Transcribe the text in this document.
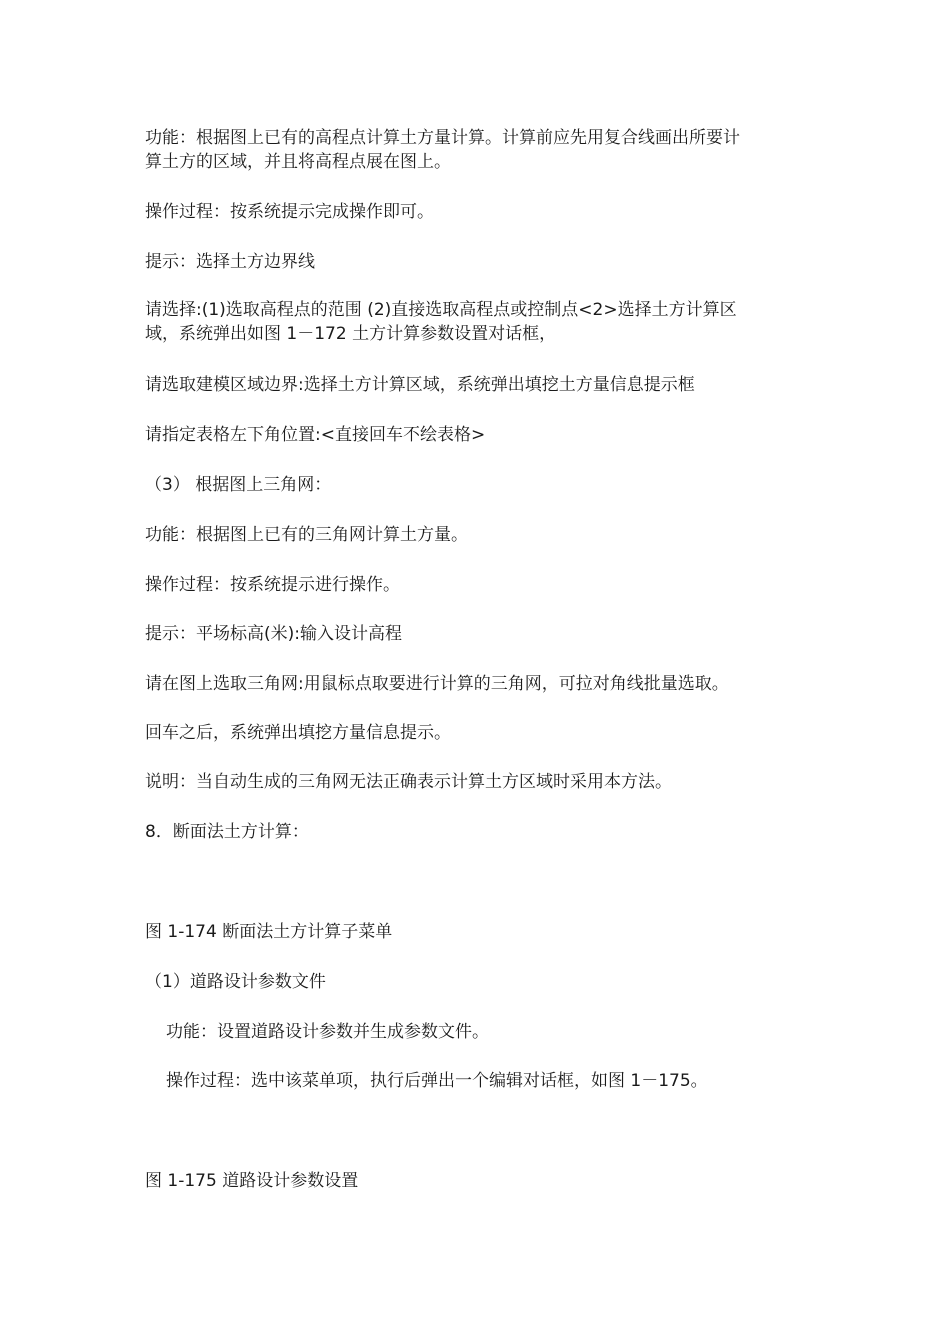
功能：根据图上已有的高程点计算土方量计算。计算前应先用复合线画出所要计
算土方的区域，并且将高程点展在图上。

操作过程：按系统提示完成操作即可。

提示：选择土方边界线

请选择:(1)选取高程点的范围 (2)直接选取高程点或控制点<2>选择土方计算区
域，系统弹出如图 1－172 土方计算参数设置对话框，

请选取建模区域边界:选择土方计算区域，系统弹出填挖土方量信息提示框

请指定表格左下角位置:<直接回车不绘表格>

（3） 根据图上三角网：

功能：根据图上已有的三角网计算土方量。

操作过程：按系统提示进行操作。

提示：平场标高(米):输入设计高程

请在图上选取三角网:用鼠标点取要进行计算的三角网，可拉对角线批量选取。

回车之后，系统弹出填挖方量信息提示。

说明：当自动生成的三角网无法正确表示计算土方区域时采用本方法。

8．断面法土方计算：

图 1-174 断面法土方计算子菜单

（1）道路设计参数文件

功能：设置道路设计参数并生成参数文件。

操作过程：选中该菜单项，执行后弹出一个编辑对话框，如图 1－175。

图 1-175 道路设计参数设置
